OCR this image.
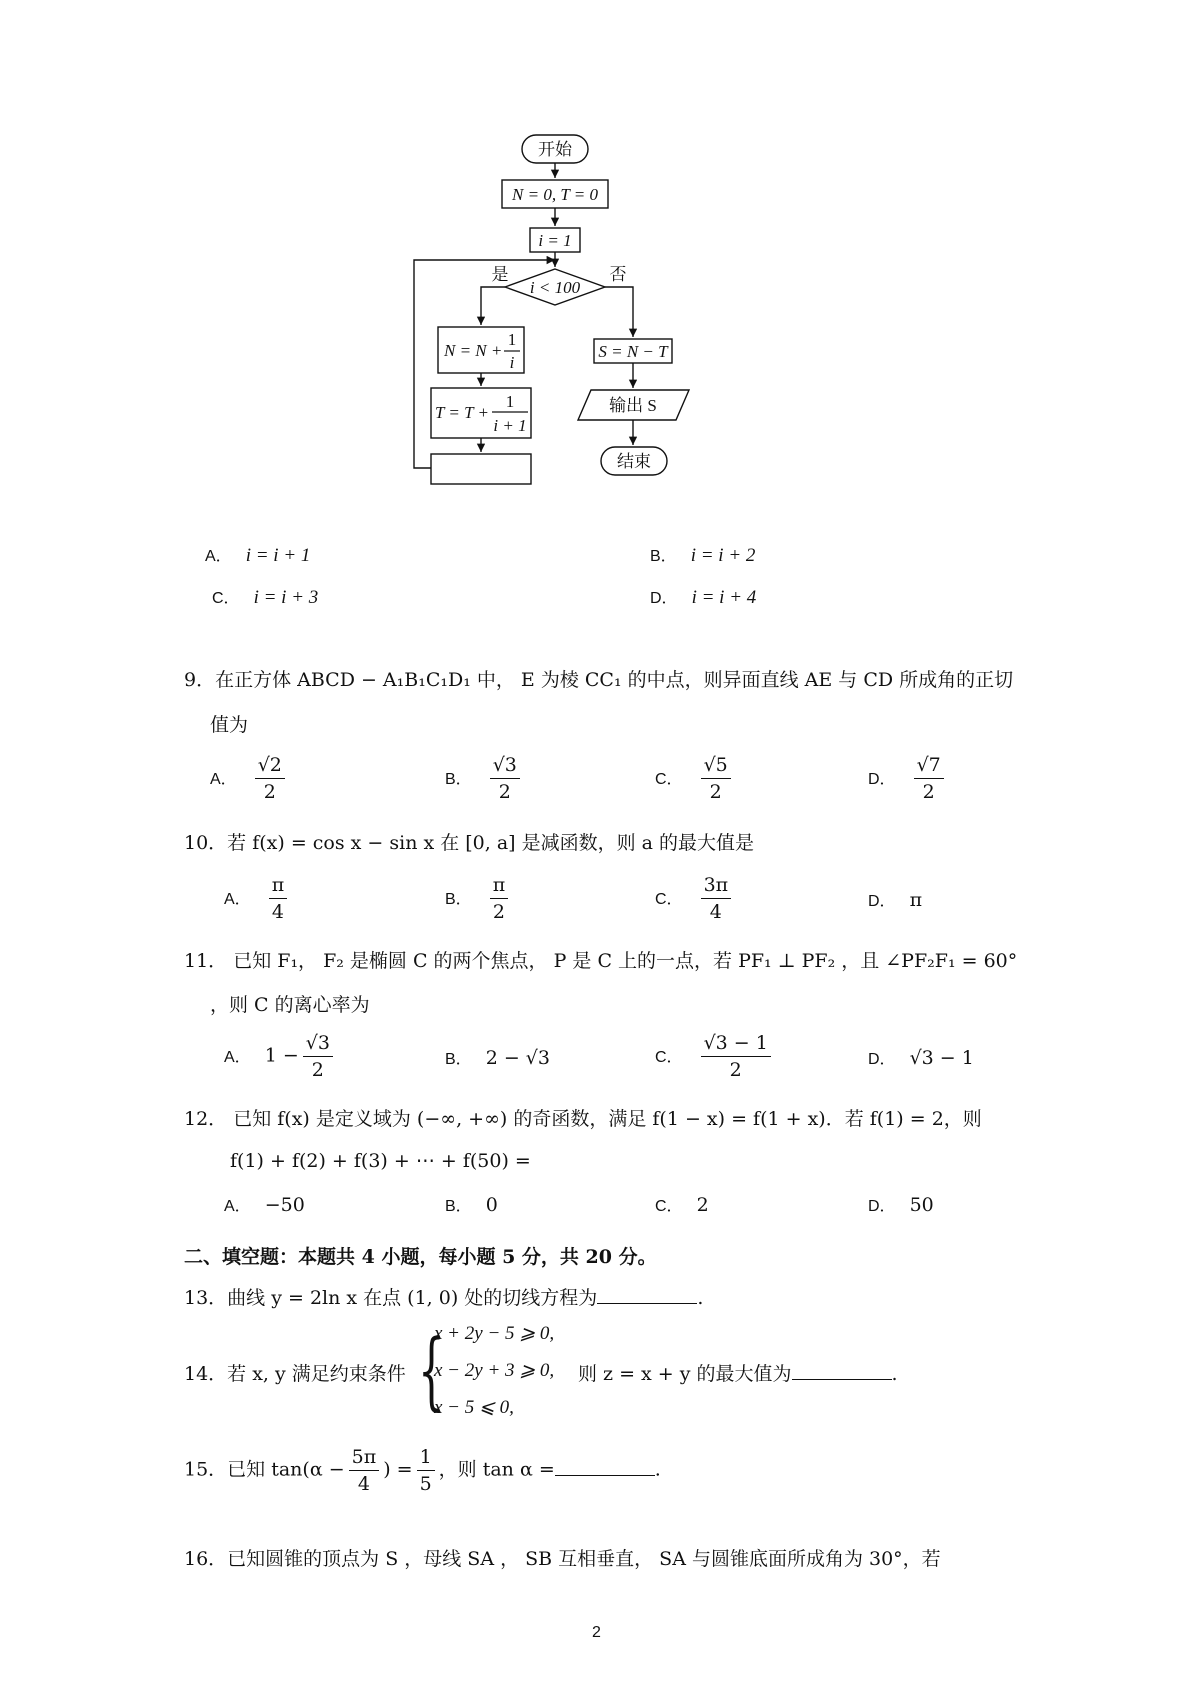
开始
N = 0, T = 0
i = 1
i < 100
是	否
N = N +
1
i
T = T +
1
i + 1
S = N − T
输出 S
结束
A． i = i + 1	B． i = i + 2
C． i = i + 3	D． i = i + 4
9．在正方体 ABCD − A₁B₁C₁D₁ 中， E 为棱 CC₁ 的中点，则异面直线 AE 与 CD 所成角的正切
值为
A． $\frac{√2}{2}$	B． $\frac{√3}{2}$	C． $\frac{√5}{2}$	D． $\frac{√7}{2}$
10．若 f(x) = cos x − sin x 在 [0, a] 是减函数，则 a 的最大值是
A． $\frac{\pi}{4}$	B． $\frac{\pi}{2}$	C． $\frac{3\pi}{4}$	D． π
11． 已知 F₁， F₂ 是椭圆 C 的两个焦点， P 是 C 上的一点，若 PF₁ ⊥ PF₂ ，且 ∠PF₂F₁ = 60°
，则 C 的离心率为
A． $1 - \frac{√3}{2}$	B． 2 − √3	C． $\frac{√3 - 1}{2}$	D． √3 − 1
12． 已知 f(x) 是定义域为 (−∞, +∞) 的奇函数，满足 f(1 − x) = f(1 + x)．若 f(1) = 2，则
f(1) + f(2) + f(3) + ⋯ + f(50) =
A． −50	B． 0	C． 2	D． 50
二、填空题：本题共 4 小题，每小题 5 分，共 20 分。
13．曲线 y = 2ln x 在点 (1, 0) 处的切线方程为	.
14．若 x, y 满足约束条件 {
x + 2y − 5 ⩾ 0,
x − 2y + 3 ⩾ 0,
x − 5 ⩽ 0,
则 z = x + y 的最大值为	.
15．已知 $\tan(\alpha - \frac{5\pi}{4}$ ) = $\frac{1}{5}$ ，则 tan α =	.
16．已知圆锥的顶点为 S ，母线 SA ， SB 互相垂直， SA 与圆锥底面所成角为 30°，若
2
